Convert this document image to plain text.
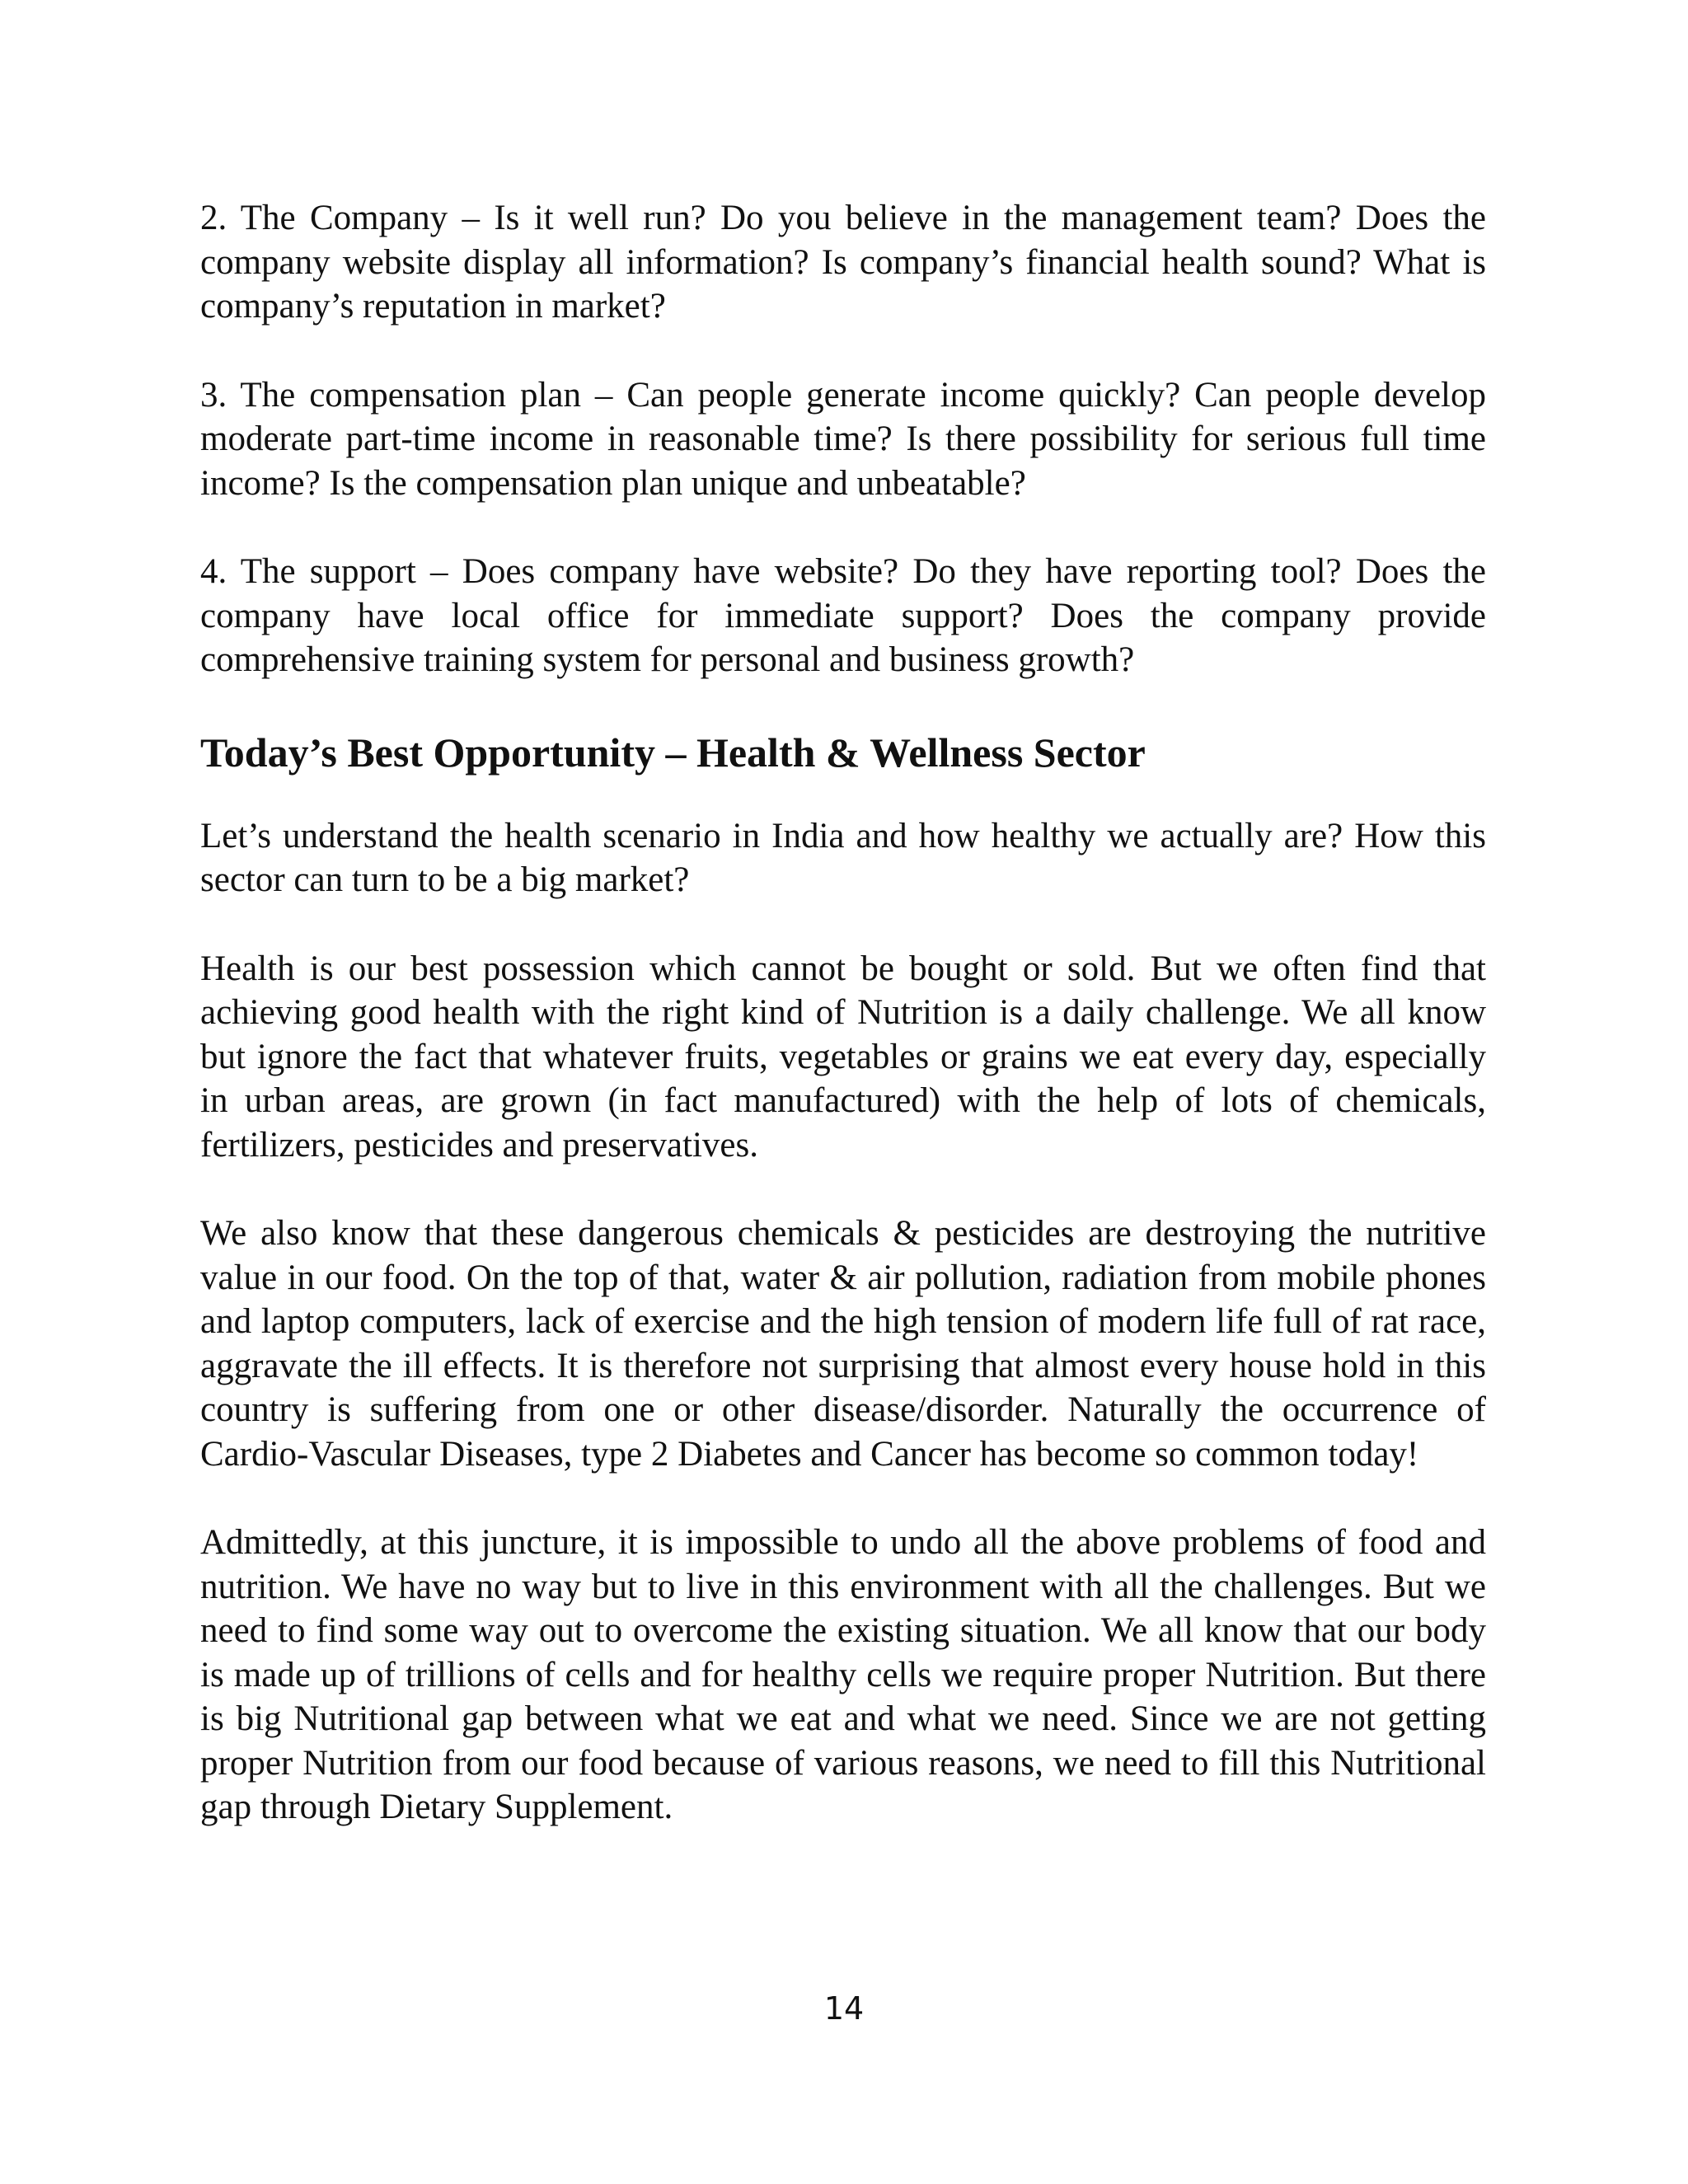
2. The Company – Is it well run? Do you believe in the management team? Does the company website display all information? Is company’s financial health sound? What is company’s reputation in market?

3. The compensation plan – Can people generate income quickly? Can people develop moderate part-time income in reasonable time? Is there possibility for serious full time income? Is the compensation plan unique and unbeatable?

4. The support – Does company have website? Do they have reporting tool? Does the company have local office for immediate support? Does the company provide comprehensive training system for personal and business growth?

Today’s Best Opportunity – Health & Wellness Sector

Let’s understand the health scenario in India and how healthy we actually are? How this sector can turn to be a big market?

Health is our best possession which cannot be bought or sold. But we often find that achieving good health with the right kind of Nutrition is a daily challenge. We all know but ignore the fact that whatever fruits, vegetables or grains we eat every day, especially in urban areas, are grown (in fact manufactured) with the help of lots of chemicals, fertilizers, pesticides and preservatives.

We also know that these dangerous chemicals & pesticides are destroying the nutritive value in our food. On the top of that, water & air pollution, radiation from mobile phones and laptop computers, lack of exercise and the high tension of modern life full of rat race, aggravate the ill effects. It is therefore not surprising that almost every house hold in this country is suffering from one or other disease/disorder. Naturally the occurrence of Cardio-Vascular Diseases, type 2 Diabetes and Cancer has become so common today!

Admittedly, at this juncture, it is impossible to undo all the above problems of food and nutrition. We have no way but to live in this environment with all the challenges. But we need to find some way out to overcome the existing situation. We all know that our body is made up of trillions of cells and for healthy cells we require proper Nutrition. But there is big Nutritional gap between what we eat and what we need. Since we are not getting proper Nutrition from our food because of various reasons, we need to fill this Nutritional gap through Dietary Supplement.

14
